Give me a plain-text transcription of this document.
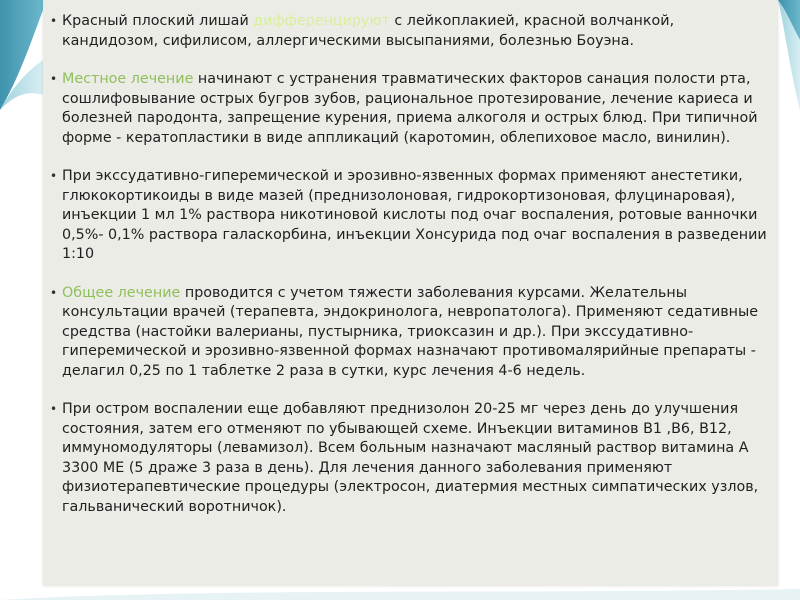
• Красный плоский лишай дифференцируют с лейкоплакией, красной волчанкой, кандидозом, сифилисом, аллергическими высыпаниями, болезнью Боуэна.

• Местное лечение начинают с устранения травматических факторов санация полости рта, сошлифовывание острых бугров зубов, рациональное протезирование, лечение кариеса и болезней пародонта, запрещение курения, приема алкоголя и острых блюд. При типичной форме - кератопластики в виде аппликаций (каротомин, облепиховое масло, винилин).

• При экссудативно-гиперемической и эрозивно-язвенных формах применяют анестетики, глюкокортикоиды в виде мазей (преднизолоновая, гидрокортизоновая, флуцинаровая), инъекции 1 мл 1% раствора никотиновой кислоты под очаг воспаления, ротовые ванночки 0,5%- 0,1% раствора галаскорбина, инъекции Хонсурида под очаг воспаления в разведении 1:10

• Общее лечение проводится с учетом тяжести заболевания курсами. Желательны консультации врачей (терапевта, эндокринолога, невропатолога). Применяют седативные средства (настойки валерианы, пустырника, триоксазин и др.). При экссудативно-гиперемической и эрозивно-язвенной формах назначают противомалярийные препараты - делагил 0,25 по 1 таблетке 2 раза в сутки, курс лечения 4-6 недель.

• При остром воспалении еще добавляют преднизолон 20-25 мг через день до улучшения состояния, затем его отменяют по убывающей схеме. Инъекции витаминов В1 ,В6, В12, иммуномодуляторы (левамизол). Всем больным назначают масляный раствор витамина А 3300 МЕ (5 драже 3 раза в день). Для лечения данного заболевания применяют физиотерапевтические процедуры (электросон, диатермия местных симпатических узлов, гальванический воротничок).
